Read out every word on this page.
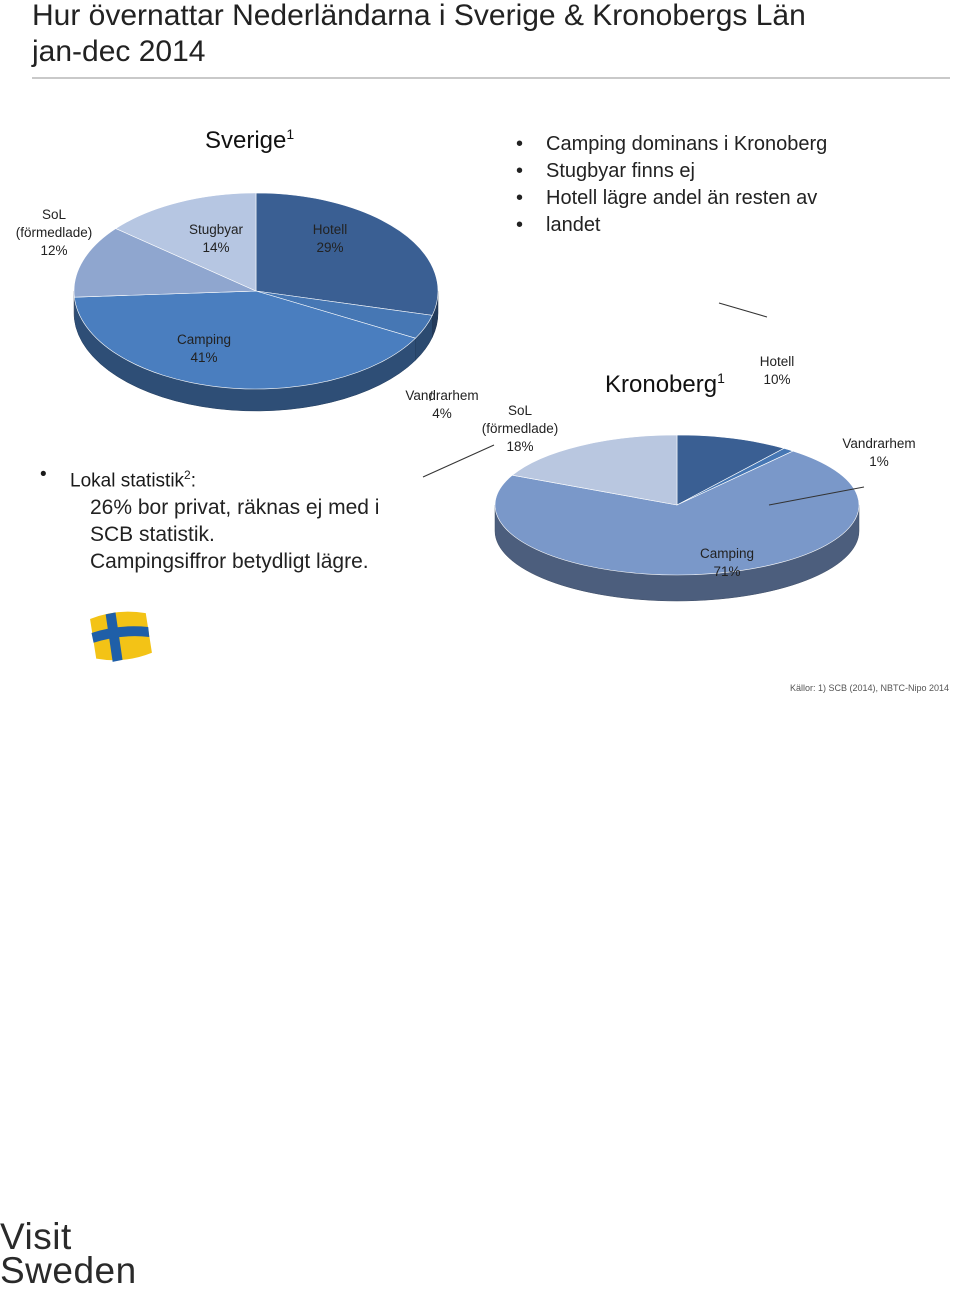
Hur övernattar Nederländarna i Sverige & Kronobergs Län
jan-dec 2014
Hotell 29%
Vandrarhem 4%
Camping 41%
SoL (förmedlade) 12%
Stugbyar 14%
Sverige$^1$
Hotell 10%
Vandrarhem 1%
Camping 71%
SoL (förmedlade) 18%
Kronoberg$^1$
• Camping dominans i Kronoberg
• Stugbyar finns ej
• Hotell lägre andel än resten av
• landet
• Lokal statistik$^2$:
26% bor privat, räknas ej med i
SCB statistik.
Campingsiffror betydligt lägre.
Visit
Sweden
Källor: 1) SCB (2014), NBTC-Nipo 2014
